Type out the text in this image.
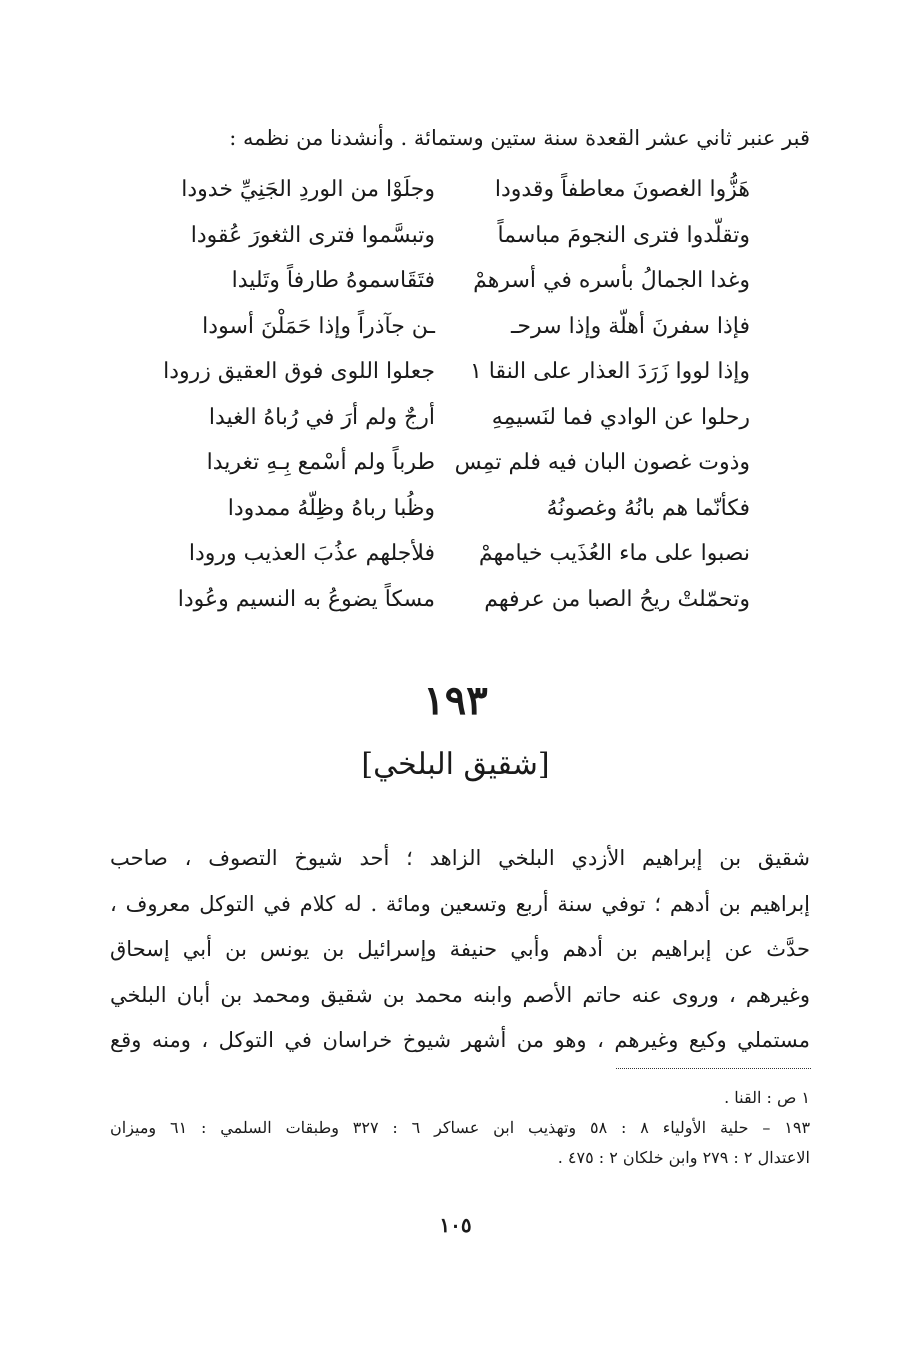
قبر عنبر ثاني عشر القعدة سنة ستين وستمائة . وأنشدنا من نظمه :
هَزُّوا الغصونَ معاطفاً وقدودا
وجلَوْا من الوردِ الجَنِيِّ خدودا
وتقلّدوا فترى النجومَ مباسماً
وتبسَّموا فترى الثغورَ عُقودا
وغدا الجمالُ بأسره في أسرهمْ
فتَقَاسموهُ طارفاً وتَليدا
فإذا سفرنَ أهلّة وإذا سرحـ
ـن جآذراً وإذا حَمَلْنَ أسودا
وإذا لووا زَرَدَ العذار على النقا ١
جعلوا اللوى فوق العقيق زرودا
رحلوا عن الوادي فما لنَسيمِهِ
أرجٌ ولم أرَ في رُباهُ الغيدا
وذوت غصون البان فيه فلم تمِس
طرباً ولم أسْمع بِـهِ تغريدا
فكأنّما هم بانُهُ وغصونُهُ
وظُبا رباهُ وظِلّهُ ممدودا
نصبوا على ماء العُذَيب خيامهمْ
فلأجلهم عذُبَ العذيب ورودا
وتحمّلتْ ريحُ الصبا من عرفهم
مسكاً يضوعُ به النسيم وعُودا
١٩٣
[شقيق البلخي]
شقيق بن إبراهيم الأزدي البلخي الزاهد ؛ أحد شيوخ التصوف ، صاحب
إبراهيم بن أدهم ؛ توفي سنة أربع وتسعين ومائة . له كلام في التوكل معروف ،
حدَّث عن إبراهيم بن أدهم وأبي حنيفة وإسرائيل بن يونس بن أبي إسحاق
وغيرهم ، وروى عنه حاتم الأصم وابنه محمد بن شقيق ومحمد بن أبان البلخي
مستملي وكيع وغيرهم ، وهو من أشهر شيوخ خراسان في التوكل ، ومنه وقع
١ ص : القنا .
١٩٣ – حلية الأولياء ٨ : ٥٨ وتهذيب ابن عساكر ٦ : ٣٢٧ وطبقات السلمي : ٦١ وميزان
الاعتدال ٢ : ٢٧٩ وابن خلكان ٢ : ٤٧٥ .
١٠٥
